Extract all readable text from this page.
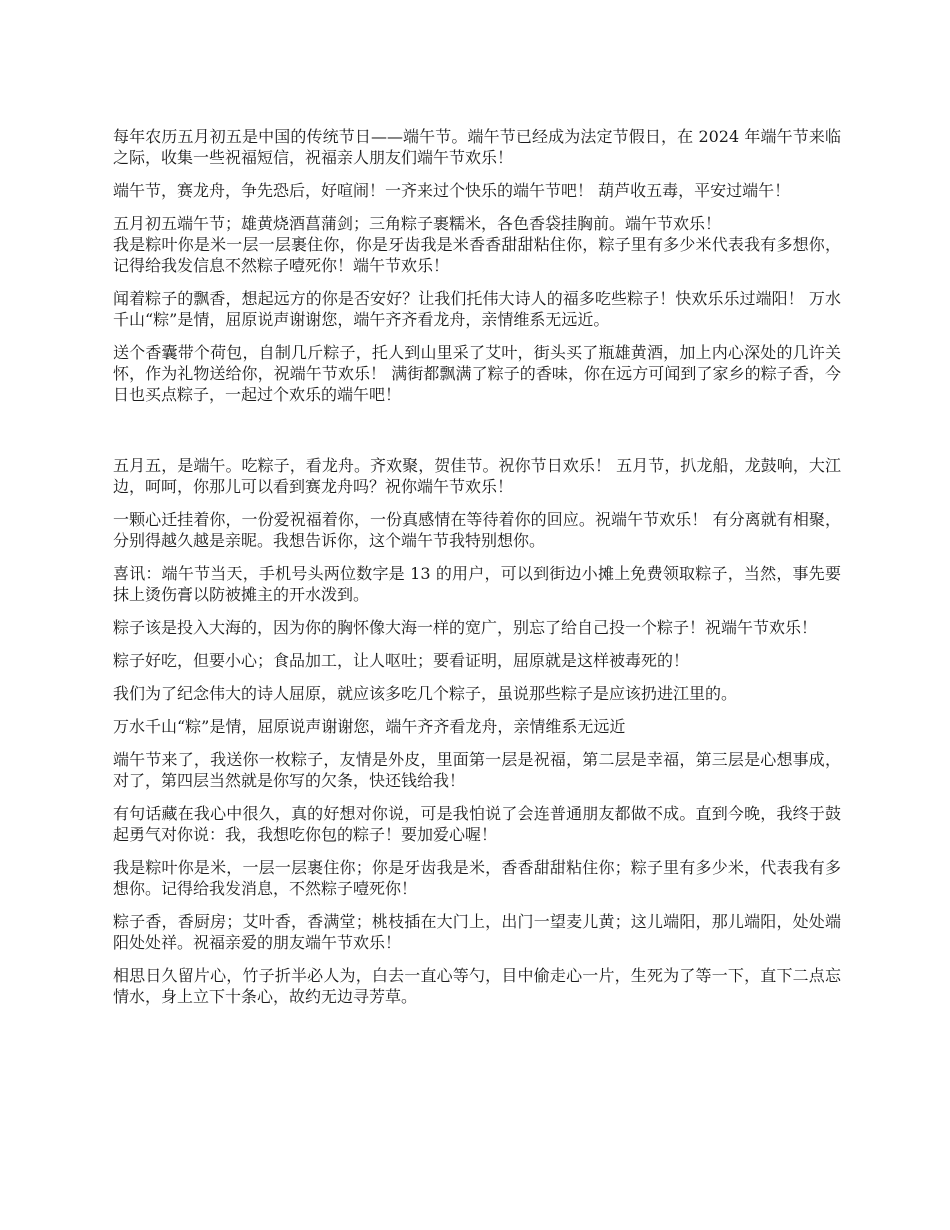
每年农历五月初五是中国的传统节日——端午节。端午节已经成为法定节假日，在 2024 年端午节来临之际，收集一些祝福短信，祝福亲人朋友们端午节欢乐！

端午节，赛龙舟，争先恐后，好喧闹！一齐来过个快乐的端午节吧！ 葫芦收五毒，平安过端午！

五月初五端午节；雄黄烧酒菖蒲剑；三角粽子裹糯米，各色香袋挂胸前。端午节欢乐！

我是粽叶你是米一层一层裹住你，你是牙齿我是米香香甜甜粘住你，粽子里有多少米代表我有多想你，记得给我发信息不然粽子噎死你！端午节欢乐！

闻着粽子的飘香，想起远方的你是否安好？让我们托伟大诗人的福多吃些粽子！快欢乐乐过端阳！ 万水千山“粽”是情，屈原说声谢谢您，端午齐齐看龙舟，亲情维系无远近。

送个香囊带个荷包，自制几斤粽子，托人到山里采了艾叶，街头买了瓶雄黄酒，加上内心深处的几许关怀，作为礼物送给你，祝端午节欢乐！ 满街都飘满了粽子的香味，你在远方可闻到了家乡的粽子香，今日也买点粽子，一起过个欢乐的端午吧！

五月五，是端午。吃粽子，看龙舟。齐欢聚，贺佳节。祝你节日欢乐！ 五月节，扒龙船，龙鼓响，大江边，呵呵，你那儿可以看到赛龙舟吗？祝你端午节欢乐！

一颗心迁挂着你，一份爱祝福着你，一份真感情在等待着你的回应。祝端午节欢乐！ 有分离就有相聚，分别得越久越是亲昵。我想告诉你，这个端午节我特别想你。

喜讯：端午节当天，手机号头两位数字是 13 的用户，可以到街边小摊上免费领取粽子，当然，事先要抹上烫伤膏以防被摊主的开水泼到。

粽子该是投入大海的，因为你的胸怀像大海一样的宽广，别忘了给自己投一个粽子！祝端午节欢乐！

粽子好吃，但要小心；食品加工，让人呕吐；要看证明，屈原就是这样被毒死的！

我们为了纪念伟大的诗人屈原，就应该多吃几个粽子，虽说那些粽子是应该扔进江里的。

万水千山“粽”是情，屈原说声谢谢您，端午齐齐看龙舟，亲情维系无远近

端午节来了，我送你一枚粽子，友情是外皮，里面第一层是祝福，第二层是幸福，第三层是心想事成，对了，第四层当然就是你写的欠条，快还钱给我！

有句话藏在我心中很久，真的好想对你说，可是我怕说了会连普通朋友都做不成。直到今晚，我终于鼓起勇气对你说：我，我想吃你包的粽子！要加爱心喔！

我是粽叶你是米，一层一层裹住你；你是牙齿我是米，香香甜甜粘住你；粽子里有多少米，代表我有多想你。记得给我发消息，不然粽子噎死你！

粽子香，香厨房；艾叶香，香满堂；桃枝插在大门上，出门一望麦儿黄；这儿端阳，那儿端阳，处处端阳处处祥。祝福亲爱的朋友端午节欢乐！

相思日久留片心，竹子折半必人为，白去一直心等勺，目中偷走心一片，生死为了等一下，直下二点忘情水，身上立下十条心，故约无边寻芳草。
